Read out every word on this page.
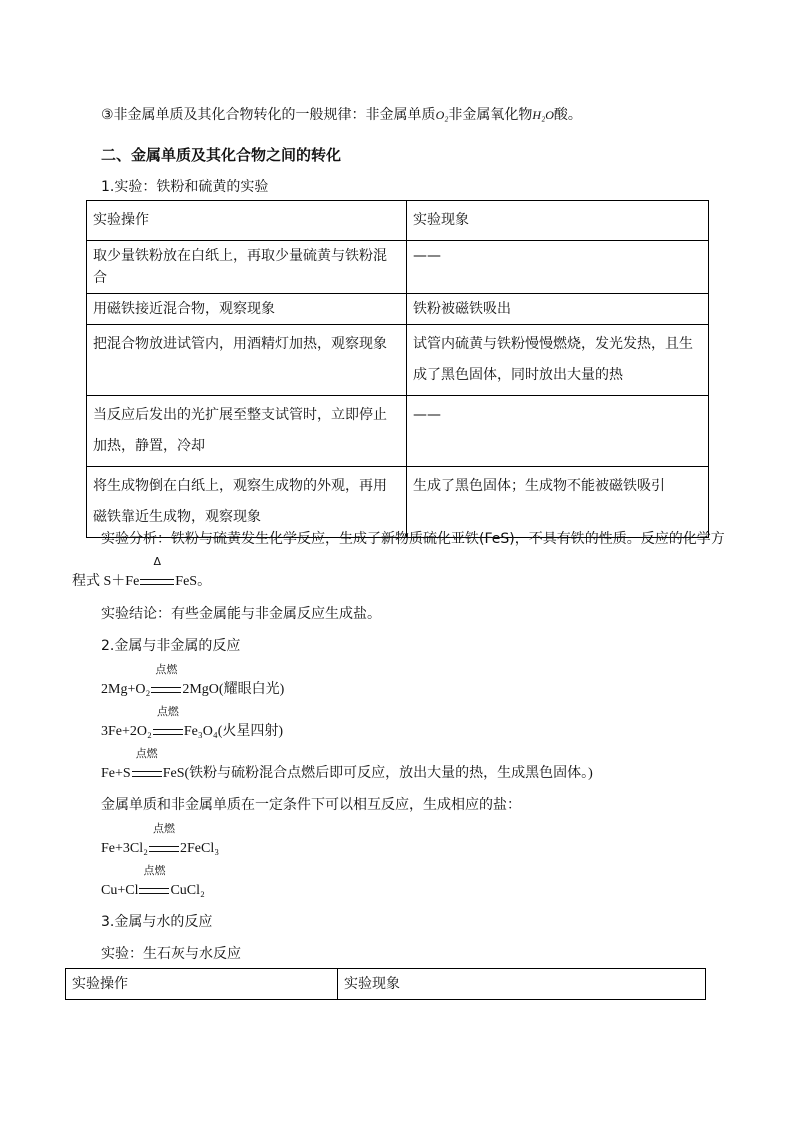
③非金属单质及其化合物转化的一般规律：非金属单质O₂非金属氧化物H₂O酸。
二、金属单质及其化合物之间的转化
1.实验：铁粉和硫黄的实验
实验操作	实验现象
取少量铁粉放在白纸上，再取少量硫黄与铁粉混合	——
用磁铁接近混合物，观察现象	铁粉被磁铁吸出
把混合物放进试管内，用酒精灯加热，观察现象	试管内硫黄与铁粉慢慢燃烧，发光发热，且生成了黑色固体，同时放出大量的热
当反应后发出的光扩展至整支试管时，立即停止加热，静置，冷却	——
将生成物倒在白纸上，观察生成物的外观，再用磁铁靠近生成物，观察现象	生成了黑色固体；生成物不能被磁铁吸引
实验分析：铁粉与硫黄发生化学反应，生成了新物质硫化亚铁(FeS)，不具有铁的性质。反应的化学方
程式 S＋Fe
Δ
FeS。
实验结论：有些金属能与非金属反应生成盐。
2.金属与非金属的反应
2Mg+O₂
点燃
2MgO(耀眼白光)
3Fe+2O₂
点燃
Fe₃O₄(火星四射)
Fe+S
点燃
FeS(铁粉与硫粉混合点燃后即可反应，放出大量的热，生成黑色固体。)
金属单质和非金属单质在一定条件下可以相互反应，生成相应的盐：
Fe+3Cl₂
点燃
2FeCl₃
Cu+Cl
点燃
CuCl₂
3.金属与水的反应
实验：生石灰与水反应
实验操作	实验现象
